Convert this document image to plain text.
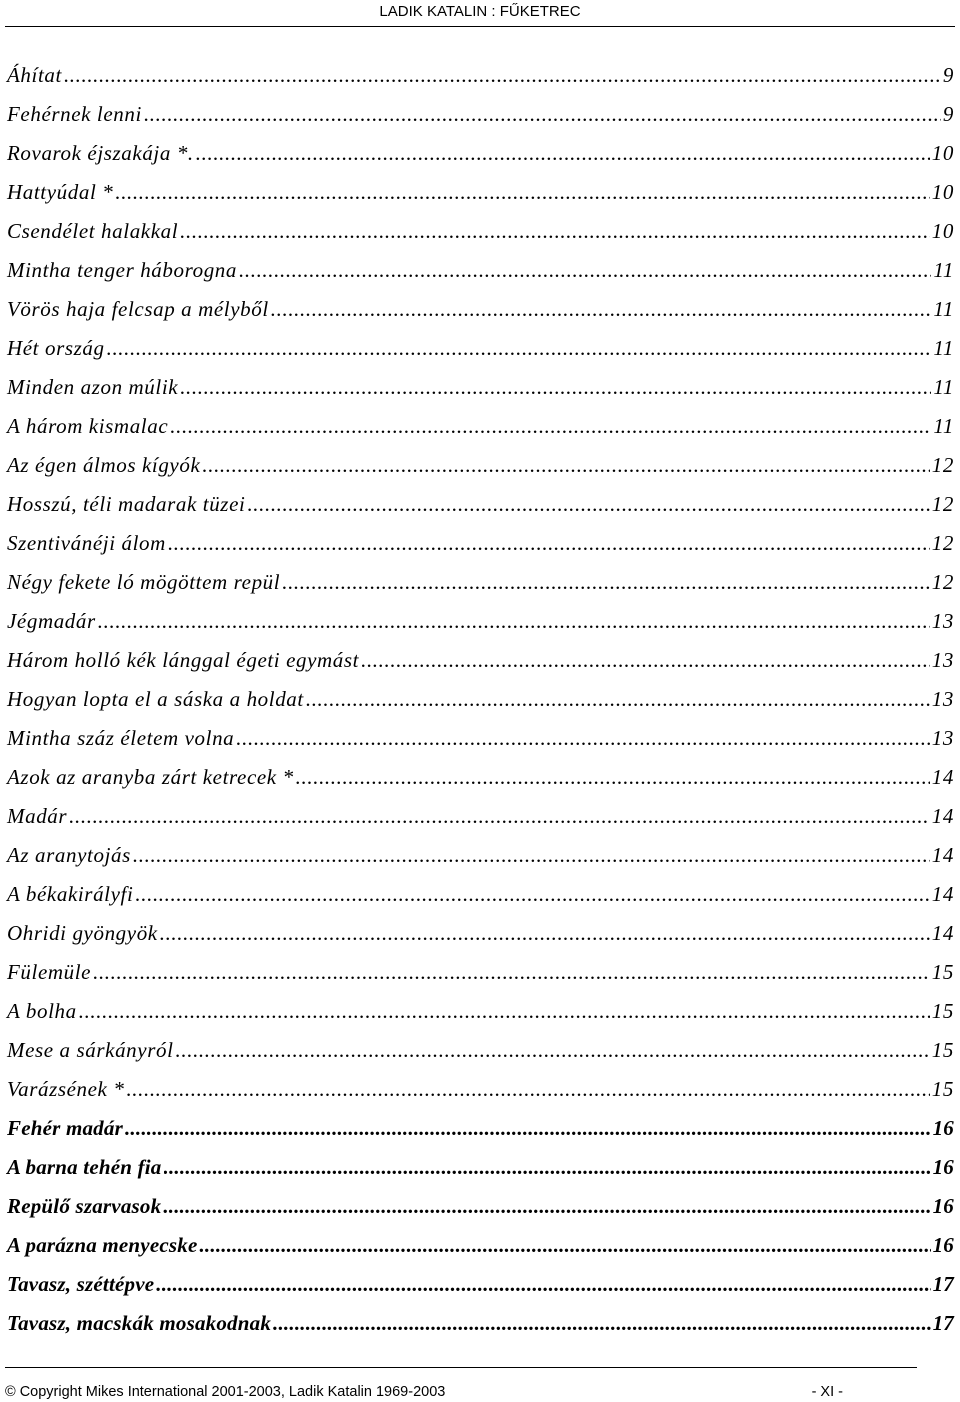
LADIK KATALIN : FŰKETREC
Áhítat .....	9
Fehérnek lenni .....	9
Rovarok éjszakája *. .....	10
Hattyúdal * .....	10
Csendélet halakkal .....	10
Mintha tenger háborogna .....	11
Vörös haja felcsap a mélyből .....	11
Hét ország .....	11
Minden azon múlik .....	11
A három kismalac .....	11
Az égen álmos kígyók .....	12
Hosszú, téli madarak tüzei .....	12
Szentivánéji álom .....	12
Négy fekete ló mögöttem repül .....	12
Jégmadár .....	13
Három holló kék lánggal égeti egymást .....	13
Hogyan lopta el a sáska a holdat .....	13
Mintha száz életem volna .....	13
Azok az aranyba zárt ketrecek * .....	14
Madár .....	14
Az aranytojás .....	14
A békakirályfi .....	14
Ohridi gyöngyök .....	14
Fülemüle .....	15
A bolha .....	15
Mese a sárkányról .....	15
Varázsének * .....	15
Fehér madár .....	16
A barna tehén fia .....	16
Repülő szarvasok .....	16
A parázna menyecske .....	16
Tavasz, széttépve .....	17
Tavasz, macskák mosakodnak .....	17
© Copyright Mikes International 2001-2003, Ladik Katalin 1969-2003	- XI -
